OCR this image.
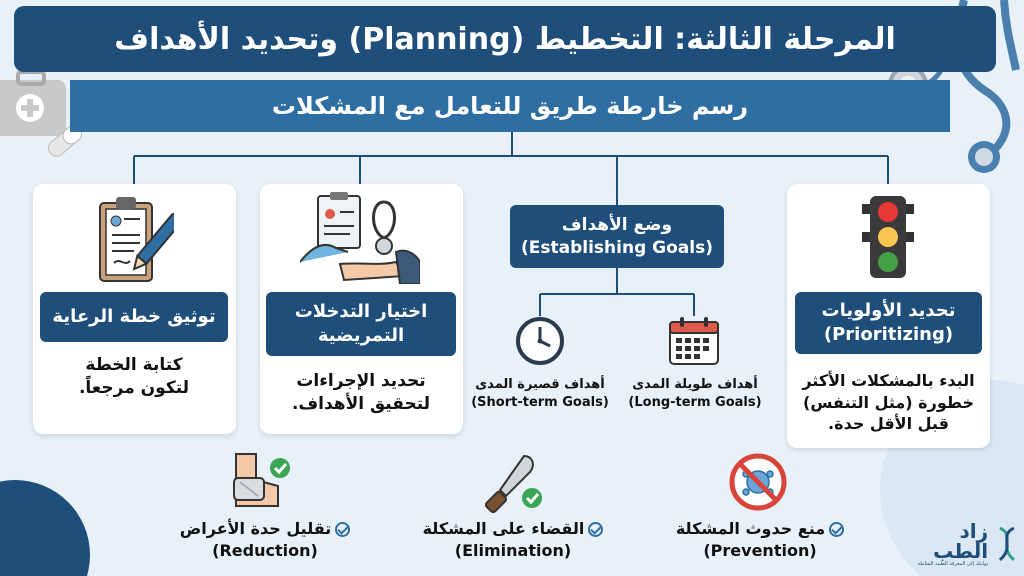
المرحلة الثالثة: التخطيط (Planning) وتحديد الأهداف
رسم خارطة طريق للتعامل مع المشكلات
تحديد الأولويات
(Prioritizing)
البدء بالمشكلات الأكثر
خطورة (مثل التنفس)
قبل الأقل حدة.
وضع الأهداف
(Establishing Goals)
أهداف طويلة المدى
(Long-term Goals)
أهداف قصيرة المدى
(Short-term Goals)
اختيار التدخلات
التمريضية
تحديد الإجراءات
لتحقيق الأهداف.
توثيق خطة الرعاية
كتابة الخطة
لتكون مرجعاً.
منع حدوث المشكلة
(Prevention)
القضاء على المشكلة
(Elimination)
تقليل حدة الأعراض
(Reduction)
زاد الطب
بوابتك إلى المعرفة الطبية الشاملة
